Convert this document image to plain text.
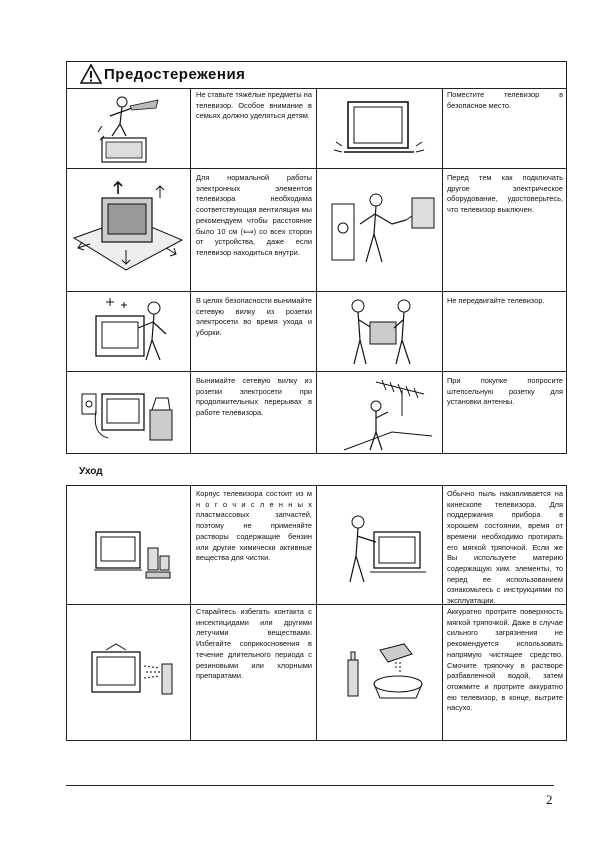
Предостережения
Не ставьте тяжёлые предметы на телевизор. Особое внимание в семьях должно уделяться детям.
Поместите телевизор в безопасное место.
Для нормальной работы электронных элементов телевизора необходима соответствующая вентиляция мы рекомендуем чтобы расстояние было 10 см (⟺) со всех сторон от устройства, даже если телевизор находиться внутри.
Перед тем как подключать другое электрическое оборудование, удостоверьтесь, что телевизор выключен.
В целях безопасности вынимайте сетевую вилку из розетки электросети во время ухода и уборки.
Не передвигайте телевизор.
Вынимайте сетевую вилку из розетки электросети при продолжительных перерывах в работе телевизора.
При покупке попросите штепсельную розетку для установки антенны.
Уход
Корпус телевизора состоит из м н о г о ч и с л е н н ы х пластмассовых запчастей, поэтому не применяйте растворы содержащие бензин или другие химически активные вещества для чистки.
Обычно пыль накапливается на кинескопе телевизора. Для поддержания прибора в хорошем состоянии, время от времени необходимо протирать его мягкой тряпочкой. Если же Вы используете материю содержащую хим. элементы, то перед ее использованием ознакомьтесь с инструкциями по эксплуатации.
Старайтесь избегать контакта с инсектицидами или другими летучими веществами. Избегайте соприкосновения в течение длительного периода с резиновыми или хлорными препаратами.
Аккуратно протрите поверхность мягкой тряпочкой. Даже в случае сильного загрязнения не рекомендуется использовать напрямую чистящее средство. Смочите тряпочку в растворе разбавленной водой, затем отожмите и протрите аккуратно ею телевизор, в конце, вытрите насухо.
2
